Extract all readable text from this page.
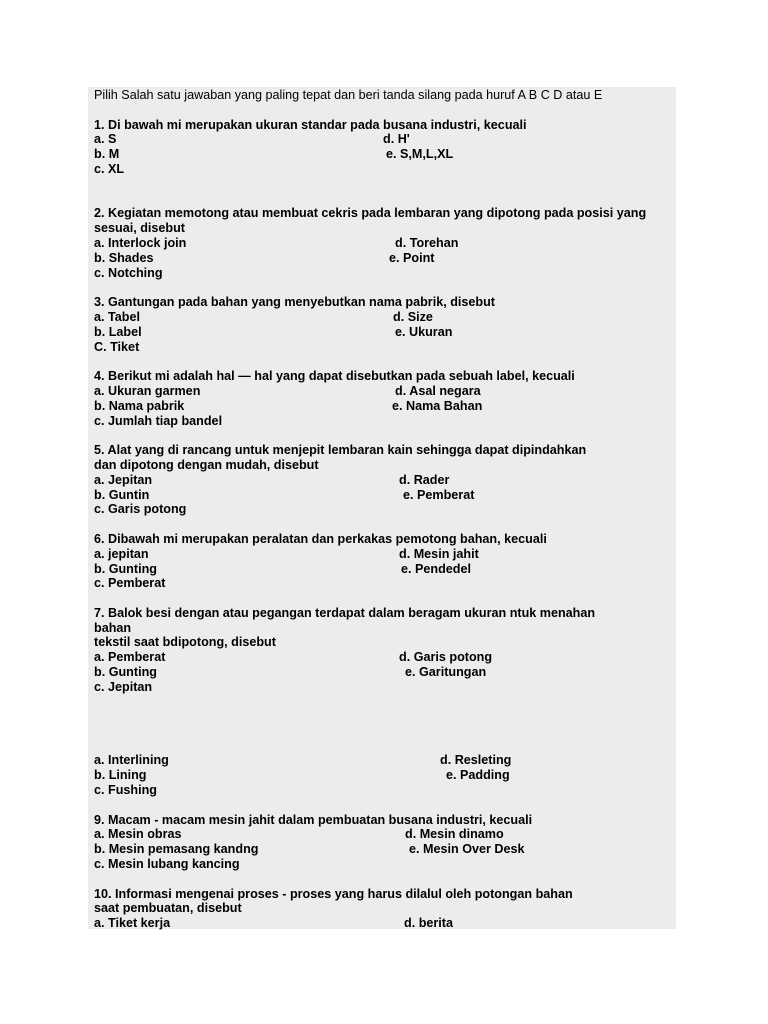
Pilih Salah satu jawaban yang paling tepat dan beri tanda silang pada huruf A B C D atau E

1. Di bawah mi merupakan ukuran standar pada busana industri, kecuali
a. S	d. H'
b. M	e. S,M,L,XL
c. XL
2. Kegiatan memotong atau membuat cekris pada lembaran yang dipotong pada posisi yang sesuai, disebut
a. Interlock join	d. Torehan
b. Shades	e. Point
c. Notching
3. Gantungan pada bahan yang menyebutkan nama pabrik, disebut
a. Tabel	d. Size
b. Label	e. Ukuran
C. Tiket
4. Berikut mi adalah hal — hal yang dapat disebutkan pada sebuah label, kecuali
a. Ukuran garmen	d. Asal negara
b. Nama pabrik	e. Nama Bahan
c. Jumlah tiap bandel
5. Alat yang di rancang untuk menjepit lembaran kain sehingga dapat dipindahkan
dan dipotong dengan mudah, disebut
a. Jepitan	d. Rader
b. Guntin	e. Pemberat
c. Garis potong
6. Dibawah mi merupakan peralatan dan perkakas pemotong bahan, kecuali
a. jepitan	d. Mesin jahit
b. Gunting	e. Pendedel
c. Pemberat
7. Balok besi dengan atau pegangan terdapat dalam beragam ukuran ntuk menahan
bahan
tekstil saat bdipotong, disebut
a. Pemberat	d. Garis potong
b. Gunting	e. Garitungan
c. Jepitan
a. Interlining	d. Resleting
b. Lining	e. Padding
c. Fushing
9. Macam - macam mesin jahit dalam pembuatan busana industri, kecuali
a. Mesin obras	d. Mesin dinamo
b. Mesin pemasang kandng	e. Mesin Over Desk
c. Mesin lubang kancing
10. Informasi mengenai proses - proses yang harus dilalul oleh potongan bahan
saat pembuatan, disebut
a. Tiket kerja	d. berita
